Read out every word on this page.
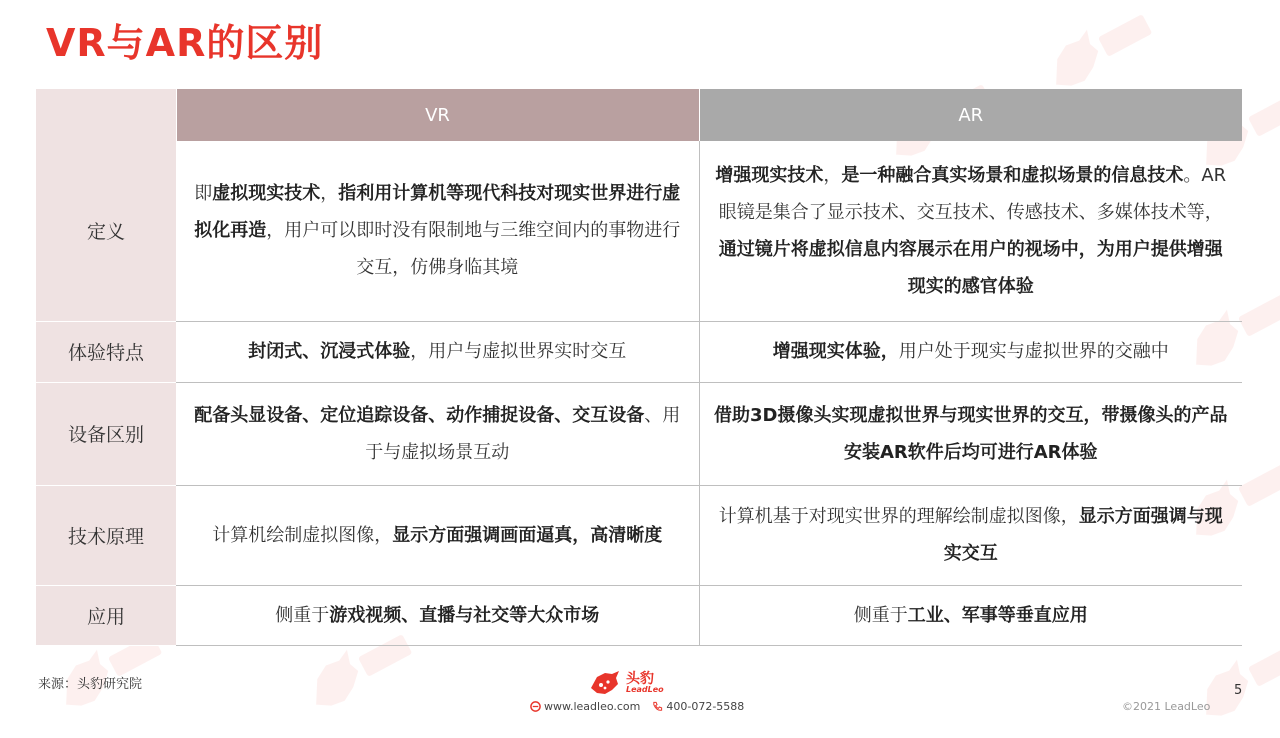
VR与AR的区别
	VR	AR
定义	即虚拟现实技术，指利用计算机等现代科技对现实世界进行虚拟化再造，用户可以即时没有限制地与三维空间内的事物进行交互，仿佛身临其境	增强现实技术，是一种融合真实场景和虚拟场景的信息技术。AR眼镜是集合了显示技术、交互技术、传感技术、多媒体技术等，通过镜片将虚拟信息内容展示在用户的视场中，为用户提供增强现实的感官体验
体验特点	封闭式、沉浸式体验，用户与虚拟世界实时交互	增强现实体验，用户处于现实与虚拟世界的交融中
设备区别	配备头显设备、定位追踪设备、动作捕捉设备、交互设备、用于与虚拟场景互动	借助3D摄像头实现虚拟世界与现实世界的交互，带摄像头的产品安装AR软件后均可进行AR体验
技术原理	计算机绘制虚拟图像，显示方面强调画面逼真，高清晰度	计算机基于对现实世界的理解绘制虚拟图像，显示方面强调与现实交互
应用	侧重于游戏视频、直播与社交等大众市场	侧重于工业、军事等垂直应用
来源：头豹研究院	头豹
LeadLeo
www.leadleo.com 400-072-5588
5
©2021 LeadLeo
